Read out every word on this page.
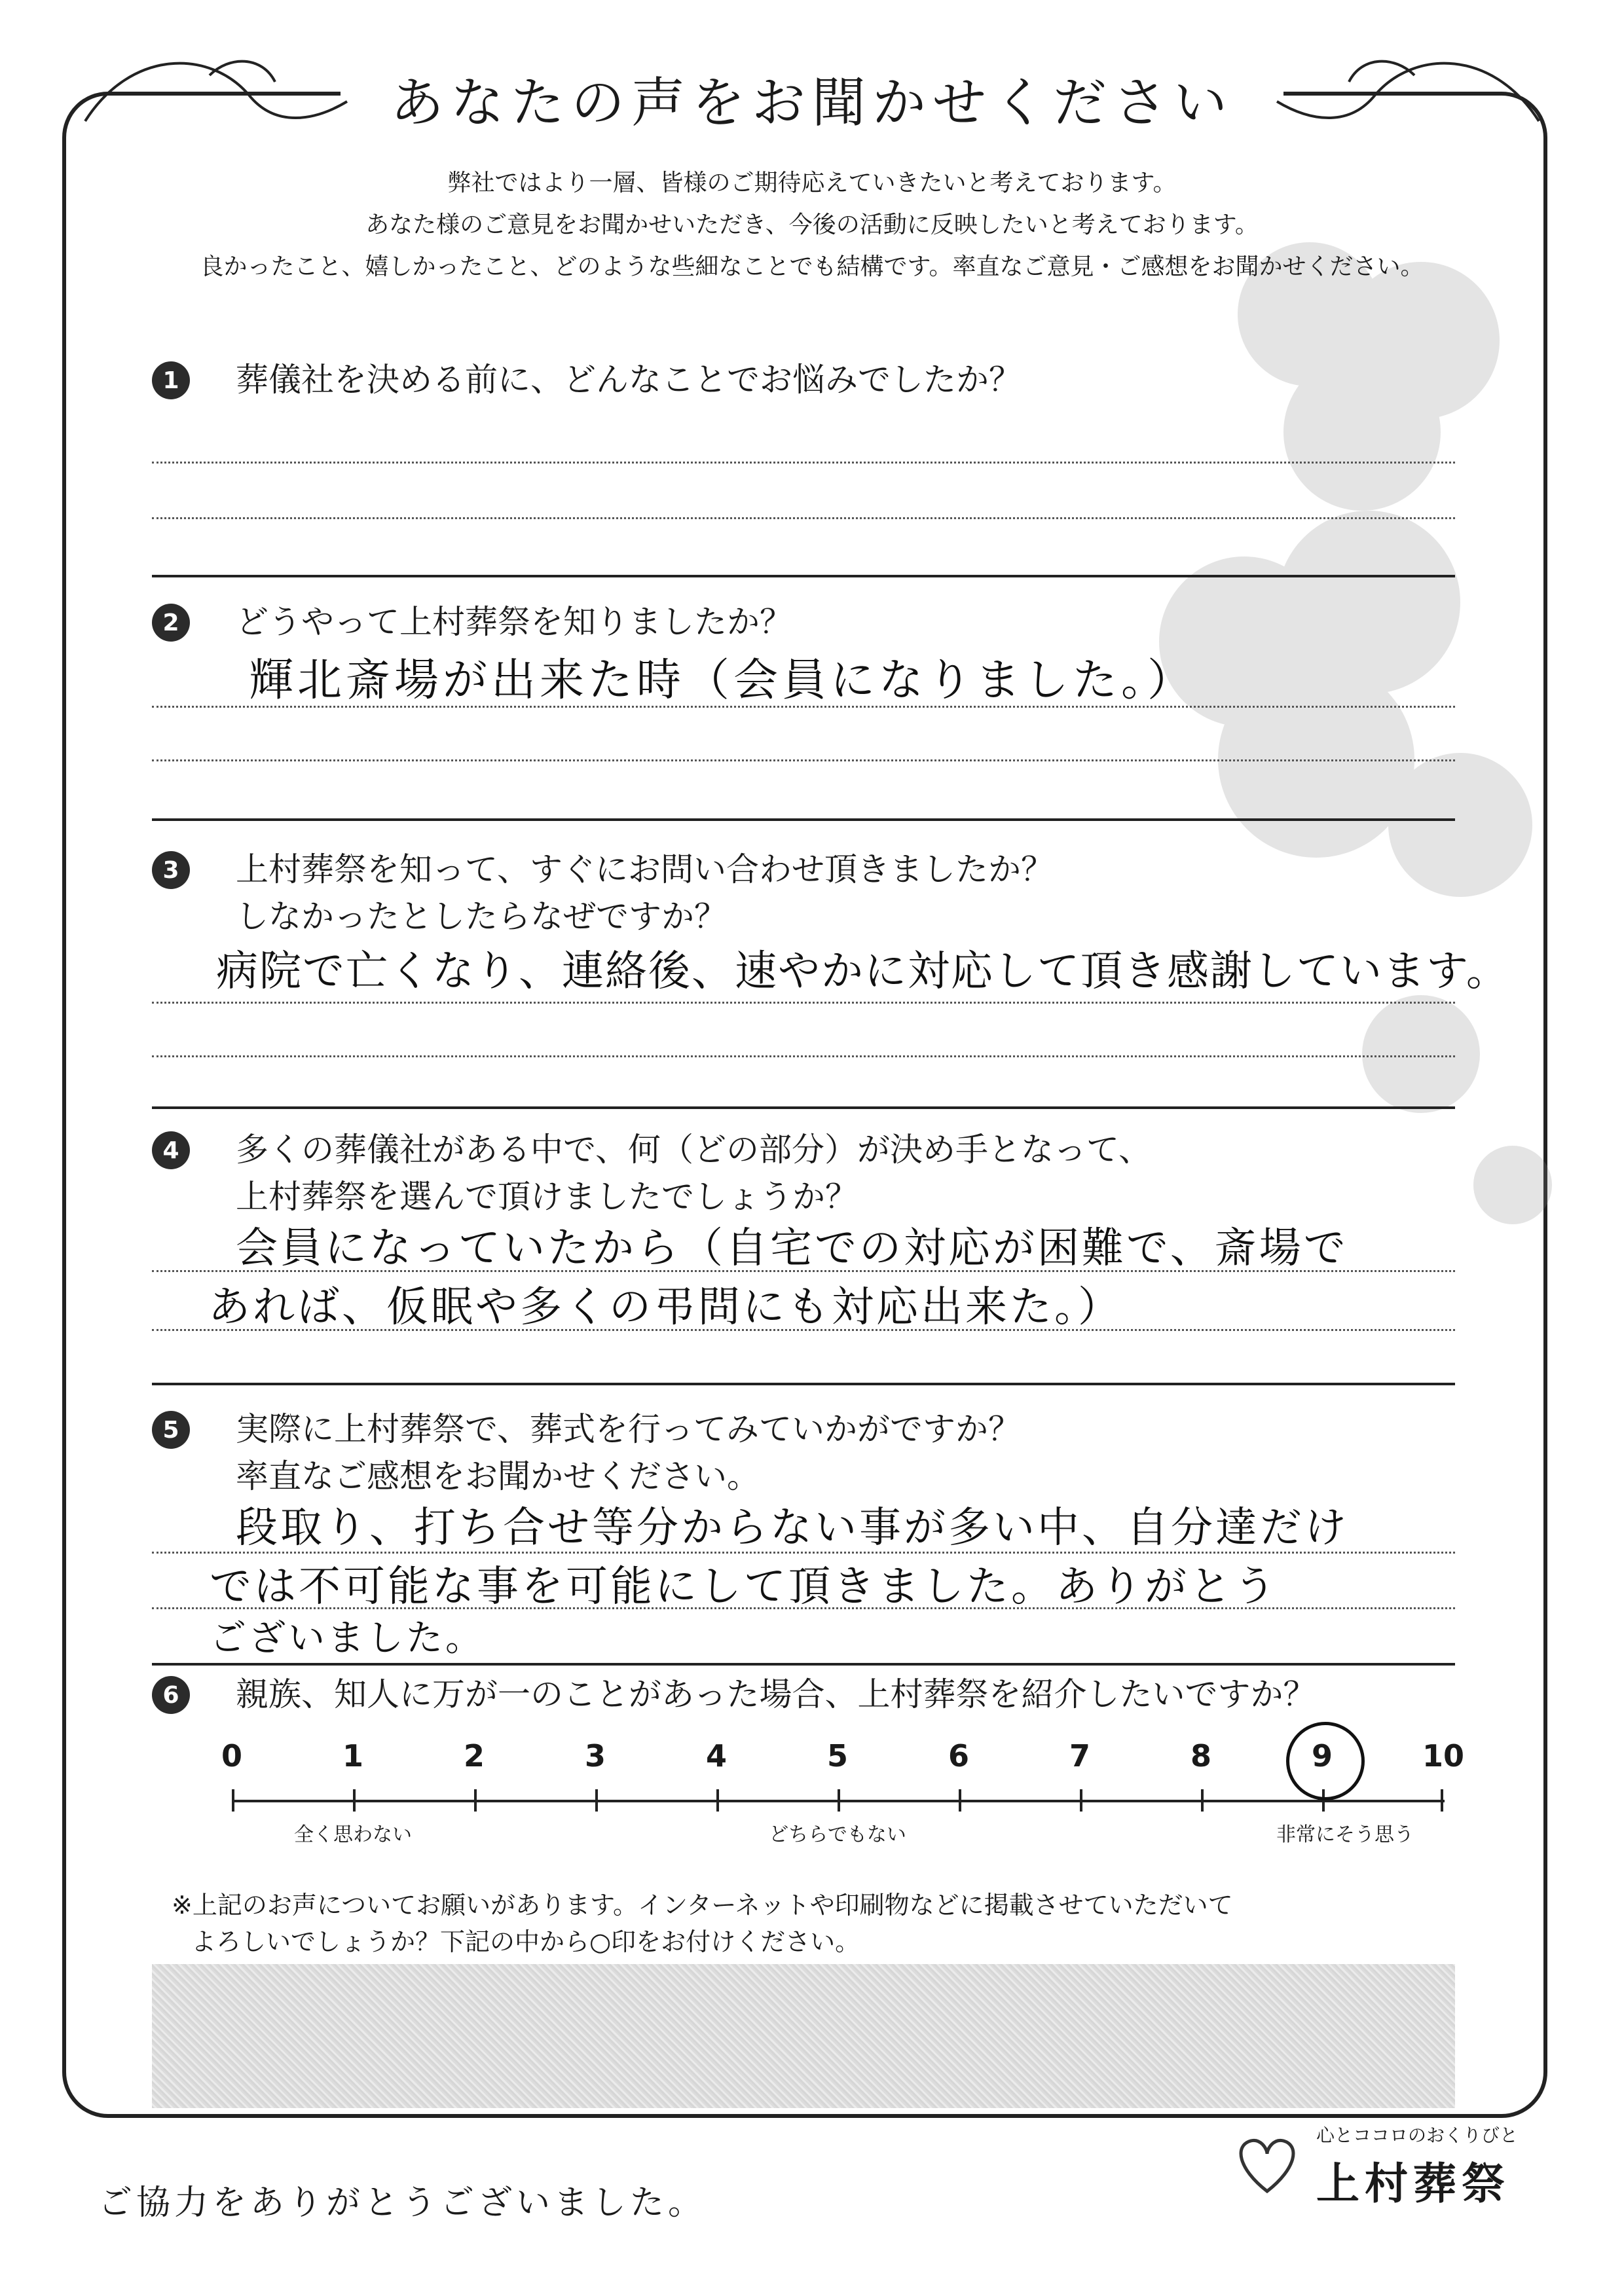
あなたの声をお聞かせください
弊社ではより一層、皆様のご期待応えていきたいと考えております。
あなた様のご意見をお聞かせいただき、今後の活動に反映したいと考えております。
良かったこと、嬉しかったこと、どのような些細なことでも結構です。率直なご意見・ご感想をお聞かせください。
1	葬儀社を決める前に、どんなことでお悩みでしたか？
2	どうやって上村葬祭を知りましたか？
輝北斎場が出来た時（会員になりました。）
3	上村葬祭を知って、すぐにお問い合わせ頂きましたか？
しなかったとしたらなぜですか？
病院で亡くなり、連絡後、速やかに対応して頂き感謝しています。
4	多くの葬儀社がある中で、何（どの部分）が決め手となって、
上村葬祭を選んで頂けましたでしょうか？
会員になっていたから（自宅での対応が困難で、斎場で
あれば、仮眠や多くの弔問にも対応出来た。）
5	実際に上村葬祭で、葬式を行ってみていかがですか？
率直なご感想をお聞かせください。
段取り、打ち合せ等分からない事が多い中、自分達だけ
では不可能な事を可能にして頂きました。ありがとう
ございました。
6	親族、知人に万が一のことがあった場合、上村葬祭を紹介したいですか？
0	1	2	3	4	5	6	7	8	9	10
全く思わない	どちらでもない	非常にそう思う
※上記のお声についてお願いがあります。インターネットや印刷物などに掲載させていただいて
よろしいでしょうか？下記の中から○印をお付けください。
ご協力をありがとうございました。
心とココロのおくりびと
上村葬祭
